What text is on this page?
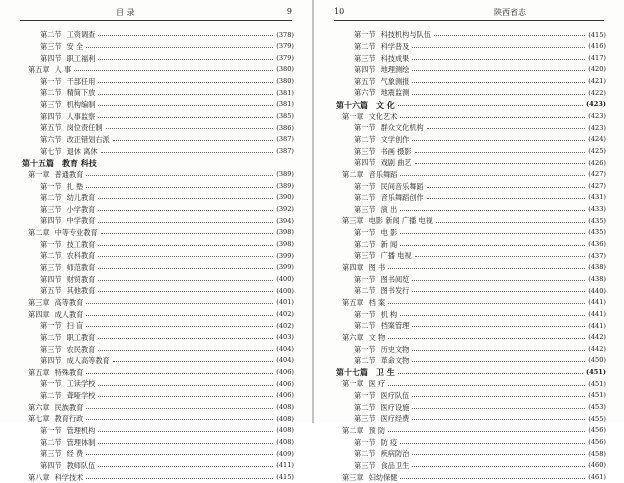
目 录	9
第二节 工资调查	(378)
第三节 安 全	(379)
第四节 职工福利	(379)
第五章 人 事	(380)
第一节 干部任用	(380)
第二节 精简下放	(381)
第三节 机构编制	(381)
第四节 人事监察	(385)
第五节 岗位责任制	(386)
第六节 改正错划右派	(387)
第七节 退休 离休	(387)
第十五篇 教育 科技
第一章 普通教育	(389)
第一节 扎 塾	(389)
第二节 幼儿教育	(390)
第三节 小学教育	(392)
第四节 中学教育	(394)
第二章 中等专业教育	(398)
第一节 技工教育	(398)
第二节 农科教育	(399)
第三节 师范教育	(399)
第四节 财贸教育	(400)
第五节 其他教育	(400)
第三章 高等教育	(401)
第四章 成人教育	(402)
第一节 扫 盲	(402)
第二节 职工教育	(403)
第三节 农民教育	(404)
第四节 成人高等教育	(404)
第五章 特殊教育	(406)
第一节 工读学校	(406)
第二节 聋哑学校	(406)
第六章 民族教育	(408)
第七章 教育行政	(408)
第一节 管理机构	(408)
第二节 管理体制	(408)
第三节 经 费	(409)
第四节 教师队伍	(411)
第八章 科学技术	(415)
10	陕西省志
第一节 科技机构与队伍	(415)
第二节 科学普及	(416)
第三节 科技成果	(417)
第四节 地理测绘	(420)
第五节 气象测报	(421)
第六节 地震监测	(422)
第十六篇 文 化	(423)
第一章 文化艺术	(423)
第一节 群众文化机构	(423)
第二节 文学创作	(424)
第三节 书画 摄影	(425)
第四节 戏剧 曲艺	(426)
第二章 音乐舞蹈	(427)
第一节 民间音乐舞蹈	(427)
第二节 音乐舞蹈创作	(431)
第三节 演 出	(433)
第三章 电影 新闻 广播 电视	(435)
第一节 电 影	(435)
第二节 新 闻	(436)
第三节 广播 电视	(437)
第四章 图 书	(438)
第一节 图书阅览	(438)
第二节 图书发行	(440)
第五章 档 案	(441)
第一节 机 构	(441)
第二节 档案管理	(441)
第六章 文 物	(442)
第一节 历史文物	(442)
第二节 革命文物	(450)
第十七篇 卫 生	(451)
第一章 医 疗	(451)
第一节 医疗队伍	(451)
第二节 医疗设施	(453)
第三节 医疗经费	(455)
第二章 预 防	(456)
第一节 防 疫	(456)
第二节 疾病防治	(458)
第三节 食品卫生	(460)
第三章 妇幼保健	(461)
